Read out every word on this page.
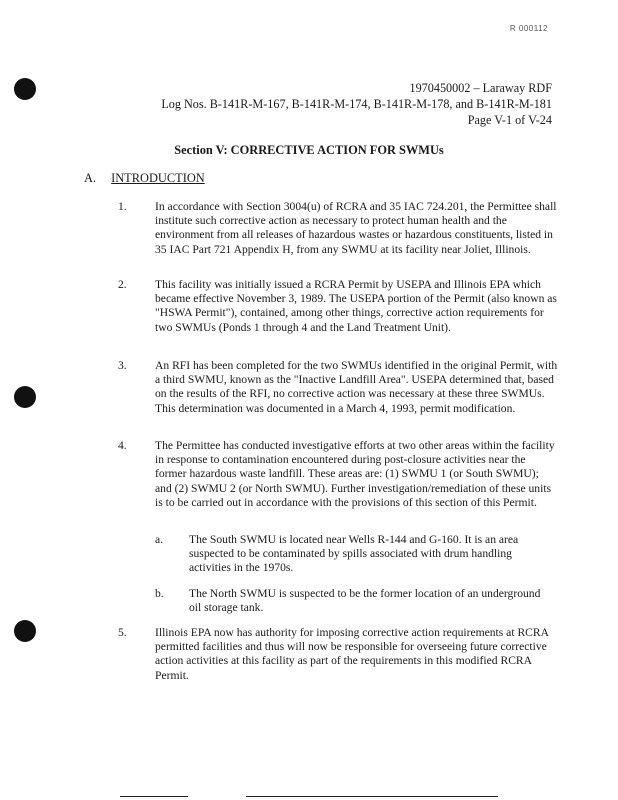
R 000112
1970450002 – Laraway RDF
Log Nos. B-141R-M-167, B-141R-M-174, B-141R-M-178, and B-141R-M-181
Page V-1 of V-24
Section V: CORRECTIVE ACTION FOR SWMUs
A. INTRODUCTION
1. In accordance with Section 3004(u) of RCRA and 35 IAC 724.201, the Permittee shall institute such corrective action as necessary to protect human health and the environment from all releases of hazardous wastes or hazardous constituents, listed in 35 IAC Part 721 Appendix H, from any SWMU at its facility near Joliet, Illinois.
2. This facility was initially issued a RCRA Permit by USEPA and Illinois EPA which became effective November 3, 1989. The USEPA portion of the Permit (also known as "HSWA Permit"), contained, among other things, corrective action requirements for two SWMUs (Ponds 1 through 4 and the Land Treatment Unit).
3. An RFI has been completed for the two SWMUs identified in the original Permit, with a third SWMU, known as the "Inactive Landfill Area". USEPA determined that, based on the results of the RFI, no corrective action was necessary at these three SWMUs. This determination was documented in a March 4, 1993, permit modification.
4. The Permittee has conducted investigative efforts at two other areas within the facility in response to contamination encountered during post-closure activities near the former hazardous waste landfill. These areas are: (1) SWMU 1 (or South SWMU); and (2) SWMU 2 (or North SWMU). Further investigation/remediation of these units is to be carried out in accordance with the provisions of this section of this Permit.
a. The South SWMU is located near Wells R-144 and G-160. It is an area suspected to be contaminated by spills associated with drum handling activities in the 1970s.
b. The North SWMU is suspected to be the former location of an underground oil storage tank.
5. Illinois EPA now has authority for imposing corrective action requirements at RCRA permitted facilities and thus will now be responsible for overseeing future corrective action activities at this facility as part of the requirements in this modified RCRA Permit.
